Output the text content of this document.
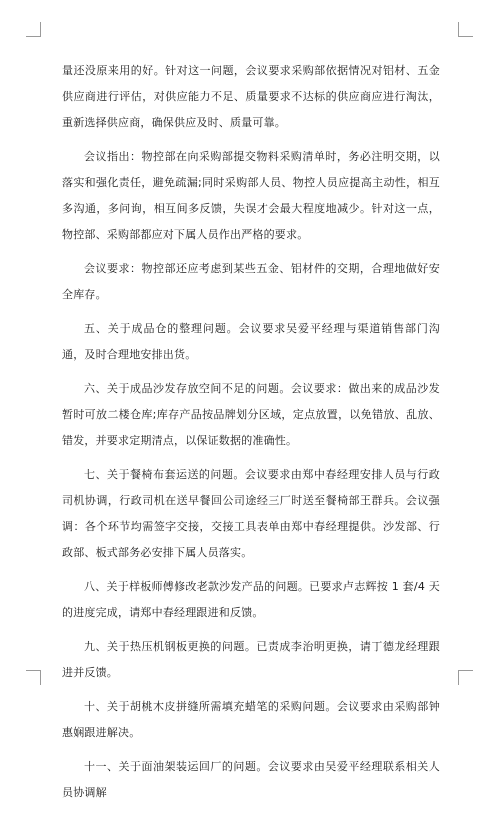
量还没原来用的好。针对这一问题，会议要求采购部依据情况对铝材、五金供应商进行评估，对供应能力不足、质量要求不达标的供应商应进行淘汰，重新选择供应商，确保供应及时、质量可靠。

会议指出：物控部在向采购部提交物料采购清单时，务必注明交期，以落实和强化责任，避免疏漏;同时采购部人员、物控人员应提高主动性，相互多沟通，多问询，相互间多反馈，失误才会最大程度地减少。针对这一点，物控部、采购部都应对下属人员作出严格的要求。

会议要求：物控部还应考虑到某些五金、铝材件的交期，合理地做好安全库存。

五、关于成品仓的整理问题。会议要求吴爱平经理与渠道销售部门沟通，及时合理地安排出货。

六、关于成品沙发存放空间不足的问题。会议要求：做出来的成品沙发暂时可放二楼仓库;库存产品按品牌划分区域，定点放置，以免错放、乱放、错发，并要求定期清点，以保证数据的准确性。

七、关于餐椅布套运送的问题。会议要求由郑中春经理安排人员与行政司机协调，行政司机在送早餐回公司途经三厂时送至餐椅部王群兵。会议强调：各个环节均需签字交接，交接工具表单由郑中春经理提供。沙发部、行政部、板式部务必安排下属人员落实。

八、关于样板师傅修改老款沙发产品的问题。已要求卢志辉按 1 套/4 天的进度完成，请郑中春经理跟进和反馈。

九、关于热压机钢板更换的问题。已责成李治明更换，请丁德龙经理跟进并反馈。

十、关于胡桃木皮拼缝所需填充蜡笔的采购问题。会议要求由采购部钟惠娴跟进解决。

十一、关于面油架装运回厂的问题。会议要求由吴爱平经理联系相关人员协调解
